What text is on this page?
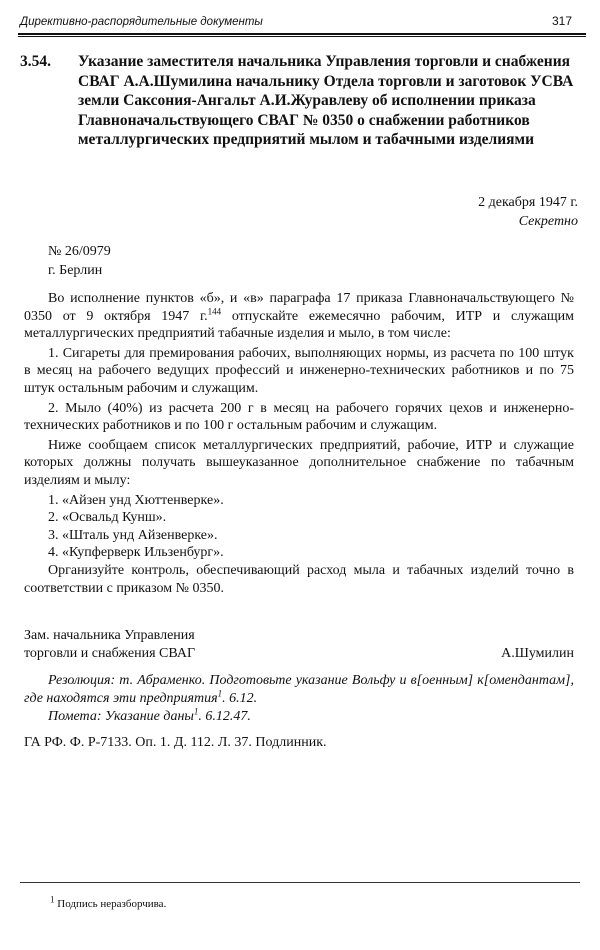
Директивно-распорядительные документы	317
3.54. Указание заместителя начальника Управления торговли и снабжения СВАГ А.А.Шумилина начальнику Отдела торговли и заготовок УСВА земли Саксония-Ангальт А.И.Журавлеву об исполнении приказа Главноначальствующего СВАГ № 0350 о снабжении работников металлургических предприятий мылом и табачными изделиями
2 декабря 1947 г.
Секретно
№ 26/0979
г. Берлин

Во исполнение пунктов «б», и «в» параграфа 17 приказа Главноначальствующего № 0350 от 9 октября 1947 г.$^{144}$ отпускайте ежемесячно рабочим, ИТР и служащим металлургических предприятий табачные изделия и мыло, в том числе:

1. Сигареты для премирования рабочих, выполняющих нормы, из расчета по 100 штук в месяц на рабочего ведущих профессий и инженерно-технических работников и по 75 штук остальным рабочим и служащим.

2. Мыло (40%) из расчета 200 г в месяц на рабочего горячих цехов и инженерно-технических работников и по 100 г остальным рабочим и служащим.

Ниже сообщаем список металлургических предприятий, рабочие, ИТР и служащие которых должны получать вышеуказанное дополнительное снабжение по табачным изделиям и мылу:

1. «Айзен унд Хюттенверке».
2. «Освальд Кунш».
3. «Шталь унд Айзенверке».
4. «Купферверк Ильзенбург».

Организуйте контроль, обеспечивающий расход мыла и табачных изделий точно в соответствии с приказом № 0350.

Зам. начальника Управления
торговли и снабжения СВАГ	А.Шумилин

Резолюция: т. Абраменко. Подготовьте указание Вольфу и в[оенным] к[омендантам], где находятся эти предприятия$^1$. 6.12.

Помета: Указание даны$^1$. 6.12.47.

ГА РФ. Ф. Р-7133. Оп. 1. Д. 112. Л. 37. Подлинник.
$^1$ Подпись неразборчива.
